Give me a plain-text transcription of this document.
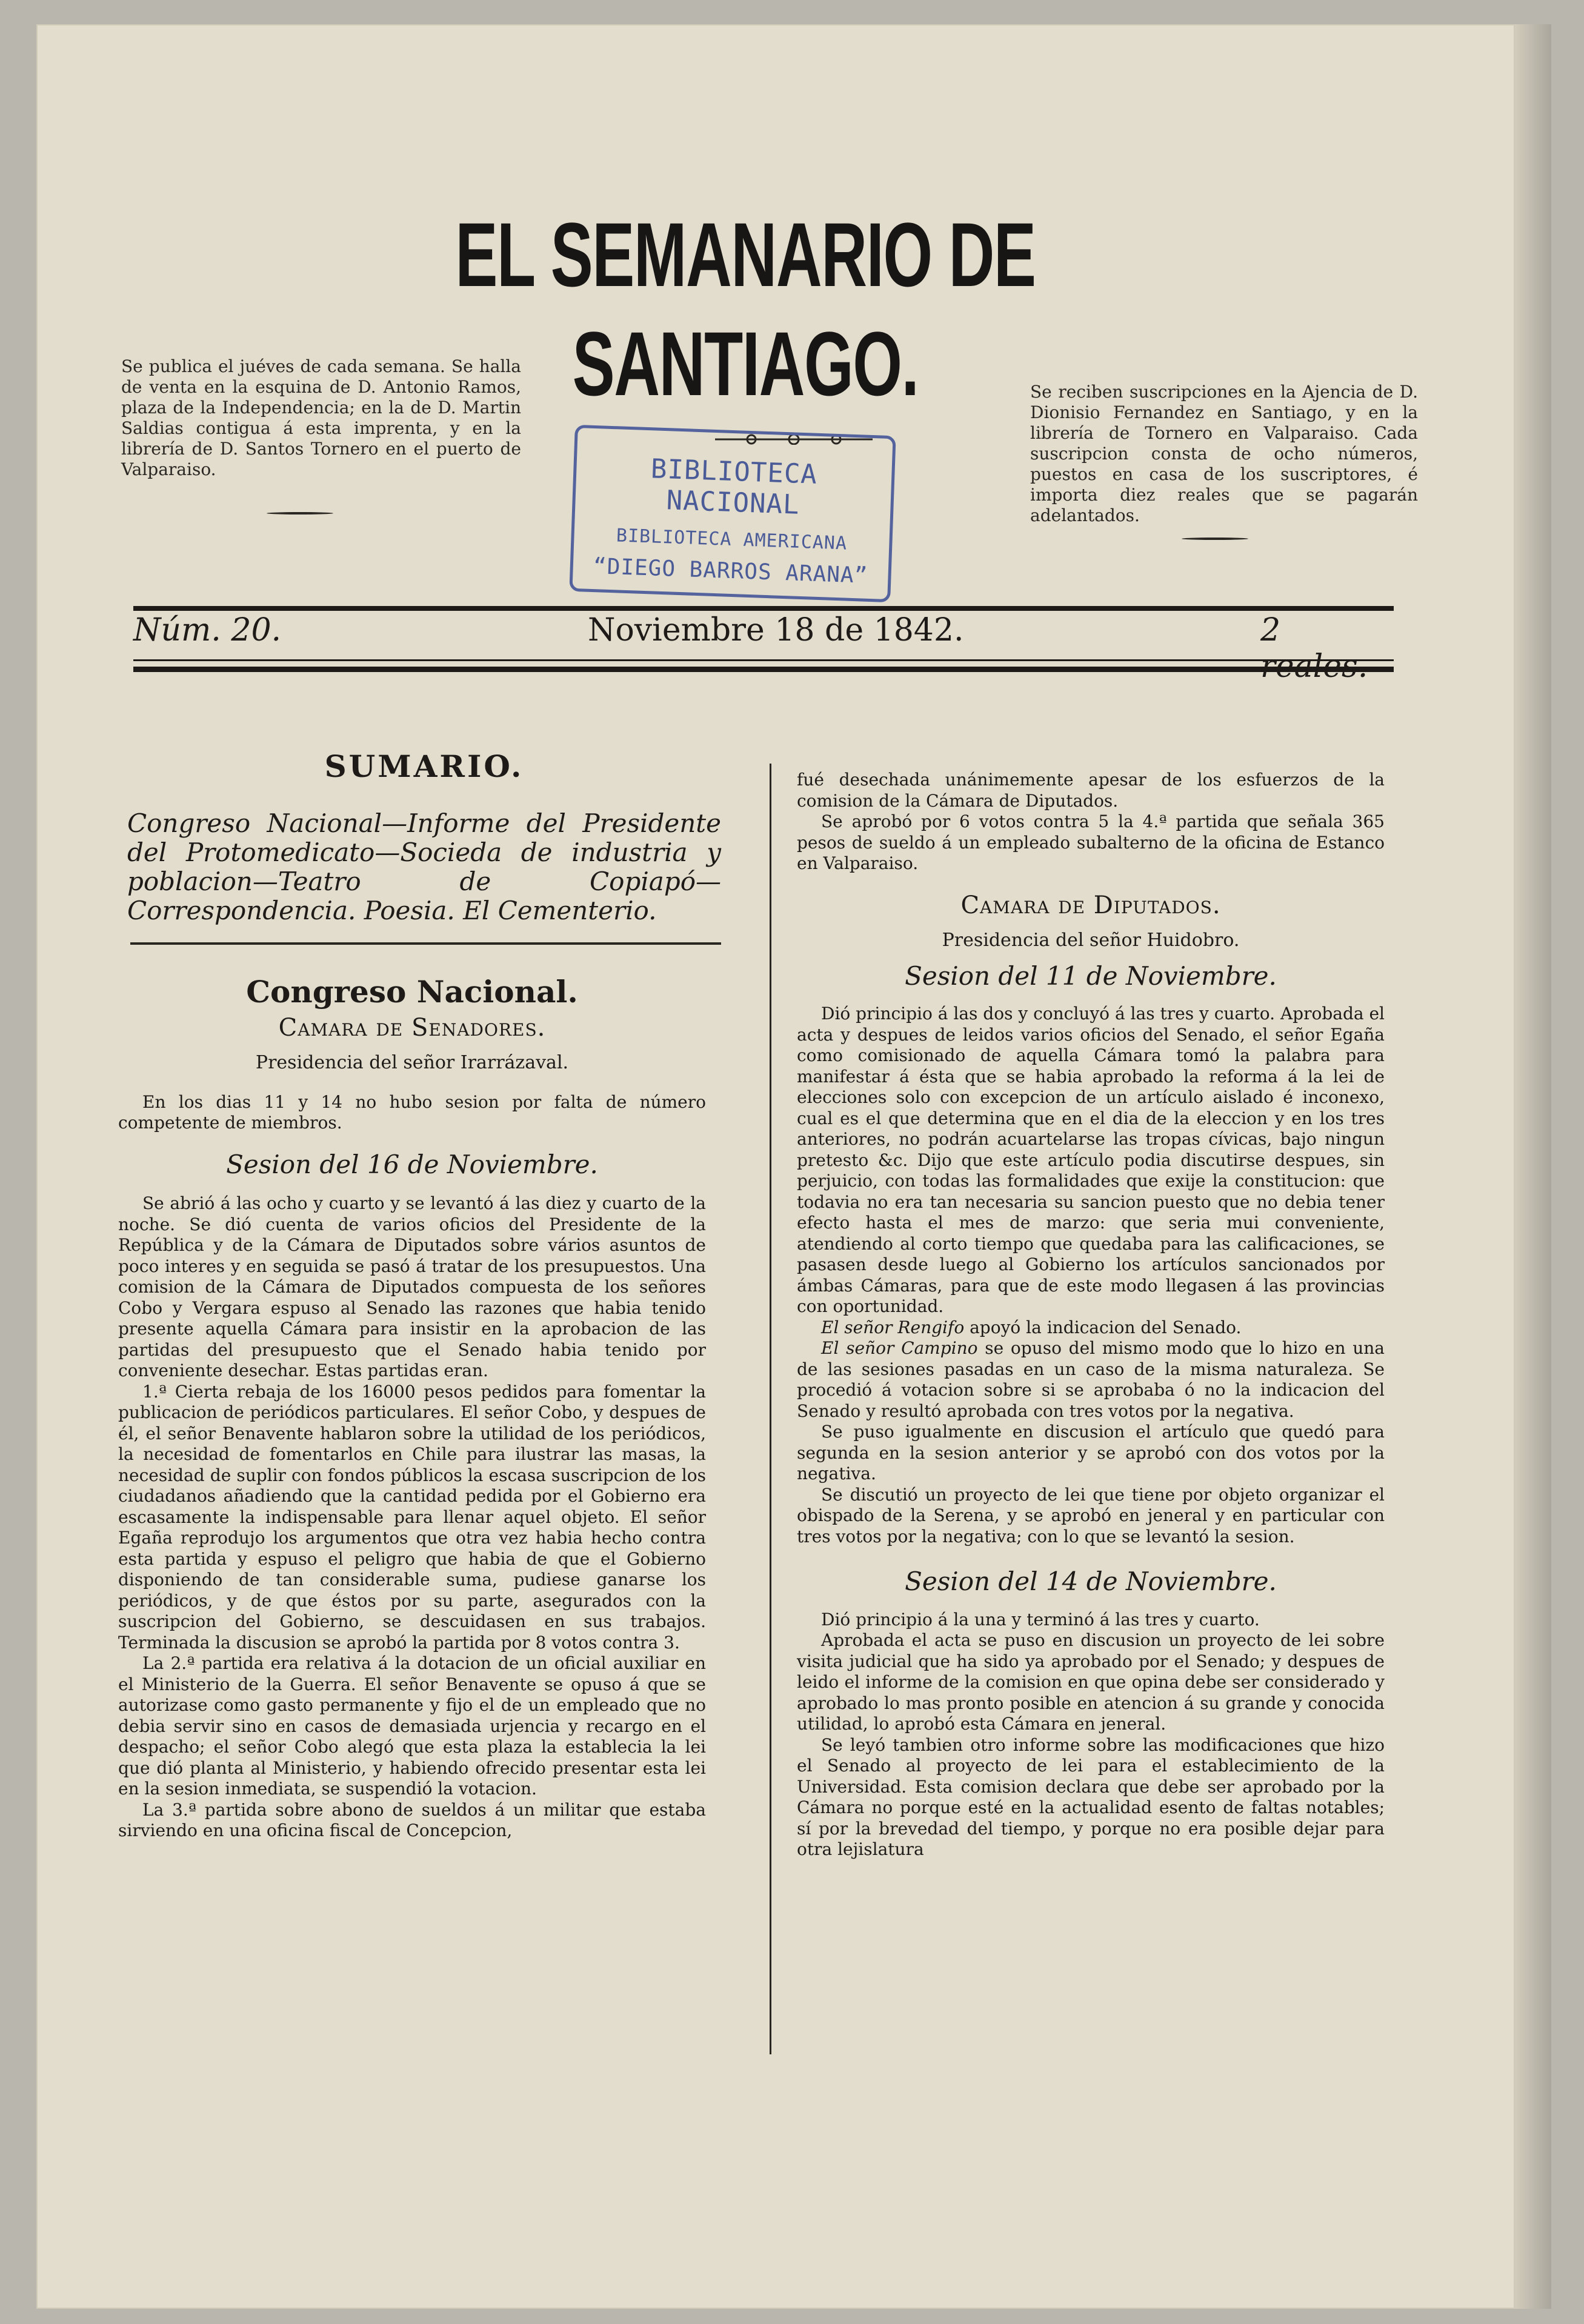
EL SEMANARIO DE SANTIAGO.
Se publica el juéves de cada semana. Se halla de venta en la esquina de D. Antonio Ramos, plaza de la Independencia; en la de D. Martin Saldias contigua á esta imprenta, y en la librería de D. Santos Tornero en el puerto de Valparaiso.
Se reciben suscripciones en la Ajencia de D. Dionisio Fernandez en Santiago, y en la librería de Tornero en Valparaiso. Cada suscripcion consta de ocho números, puestos en casa de los suscriptores, é importa diez reales que se pagarán adelantados.
BIBLIOTECA NACIONAL
BIBLIOTECA AMERICANA
“DIEGO BARROS ARANA”
Núm. 20.	Noviembre 18 de 1842.	2
SUMARIO.
Congreso Nacional—Informe del Presidente del Protomedicato—Socieda de industria y poblacion—Teatro de Copiapó—Correspondencia. Poesia. El Cementerio.

Congreso Nacional.

Camara de Senadores.

Presidencia del señor Irarrázaval.

En los dias 11 y 14 no hubo sesion por falta de número competente de miembros.

Sesion del 16 de Noviembre.

Se abrió á las ocho y cuarto y se levantó á las diez y cuarto de la noche. Se dió cuenta de varios oficios del Presidente de la República y de la Cámara de Diputados sobre vários asuntos de poco interes y en seguida se pasó á tratar de los presupuestos. Una comision de la Cámara de Diputados compuesta de los señores Cobo y Vergara espuso al Senado las razones que habia tenido presente aquella Cámara para insistir en la aprobacion de las partidas del presupuesto que el Senado habia tenido por conveniente desechar. Estas partidas eran.

1.ª Cierta rebaja de los 16000 pesos pedidos para fomentar la publicacion de periódicos particulares. El señor Cobo, y despues de él, el señor Benavente hablaron sobre la utilidad de los periódicos, la necesidad de fomentarlos en Chile para ilustrar las masas, la necesidad de suplir con fondos públicos la escasa suscripcion de los ciudadanos añadiendo que la cantidad pedida por el Gobierno era escasamente la indispensable para llenar aquel objeto. El señor Egaña reprodujo los argumentos que otra vez habia hecho contra esta partida y espuso el peligro que habia de que el Gobierno disponiendo de tan considerable suma, pudiese ganarse los periódicos, y de que éstos por su parte, asegurados con la suscripcion del Gobierno, se descuidasen en sus trabajos. Terminada la discusion se aprobó la partida por 8 votos contra 3.

La 2.ª partida era relativa á la dotacion de un oficial auxiliar en el Ministerio de la Guerra. El señor Benavente se opuso á que se autorizase como gasto permanente y fijo el de un empleado que no debia servir sino en casos de demasiada urjencia y recargo en el despacho; el señor Cobo alegó que esta plaza la establecia la lei que dió planta al Ministerio, y habiendo ofrecido presentar esta lei en la sesion inmediata, se suspendió la votacion.

La 3.ª partida sobre abono de sueldos á un militar que estaba sirviendo en una oficina fiscal de Concepcion,

fué desechada unánimemente apesar de los esfuerzos de la comision de la Cámara de Diputados.

Se aprobó por 6 votos contra 5 la 4.ª partida que señala 365 pesos de sueldo á un empleado subalterno de la oficina de Estanco en Valparaiso.

Camara de Diputados.

Presidencia del señor Huidobro.

Sesion del 11 de Noviembre.

Dió principio á las dos y concluyó á las tres y cuarto. Aprobada el acta y despues de leidos varios oficios del Senado, el señor Egaña como comisionado de aquella Cámara tomó la palabra para manifestar á ésta que se habia aprobado la reforma á la lei de elecciones solo con excepcion de un artículo aislado é inconexo, cual es el que determina que en el dia de la eleccion y en los tres anteriores, no podrán acuartelarse las tropas cívicas, bajo ningun pretesto &c. Dijo que este artículo podia discutirse despues, sin perjuicio, con todas las formalidades que exije la constitucion: que todavia no era tan necesaria su sancion puesto que no debia tener efecto hasta el mes de marzo: que seria mui conveniente, atendiendo al corto tiempo que quedaba para las calificaciones, se pasasen desde luego al Gobierno los artículos sancionados por ámbas Cámaras, para que de este modo llegasen á las provincias con oportunidad.

El señor Rengifo apoyó la indicacion del Senado.

El señor Campino se opuso del mismo modo que lo hizo en una de las sesiones pasadas en un caso de la misma naturaleza. Se procedió á votacion sobre si se aprobaba ó no la indicacion del Senado y resultó aprobada con tres votos por la negativa.

Se puso igualmente en discusion el artículo que quedó para segunda en la sesion anterior y se aprobó con dos votos por la negativa.

Se discutió un proyecto de lei que tiene por objeto organizar el obispado de la Serena, y se aprobó en jeneral y en particular con tres votos por la negativa; con lo que se levantó la sesion.

Sesion del 14 de Noviembre.

Dió principio á la una y terminó á las tres y cuarto.

Aprobada el acta se puso en discusion un proyecto de lei sobre visita judicial que ha sido ya aprobado por el Senado; y despues de leido el informe de la comision en que opina debe ser considerado y aprobado lo mas pronto posible en atencion á su grande y conocida utilidad, lo aprobó esta Cámara en jeneral.

Se leyó tambien otro informe sobre las modificaciones que hizo el Senado al proyecto de lei para el establecimiento de la Universidad. Esta comision declara que debe ser aprobado por la Cámara no porque esté en la actualidad esento de faltas notables; sí por la brevedad del tiempo, y porque no era posible dejar para otra lejislatura
